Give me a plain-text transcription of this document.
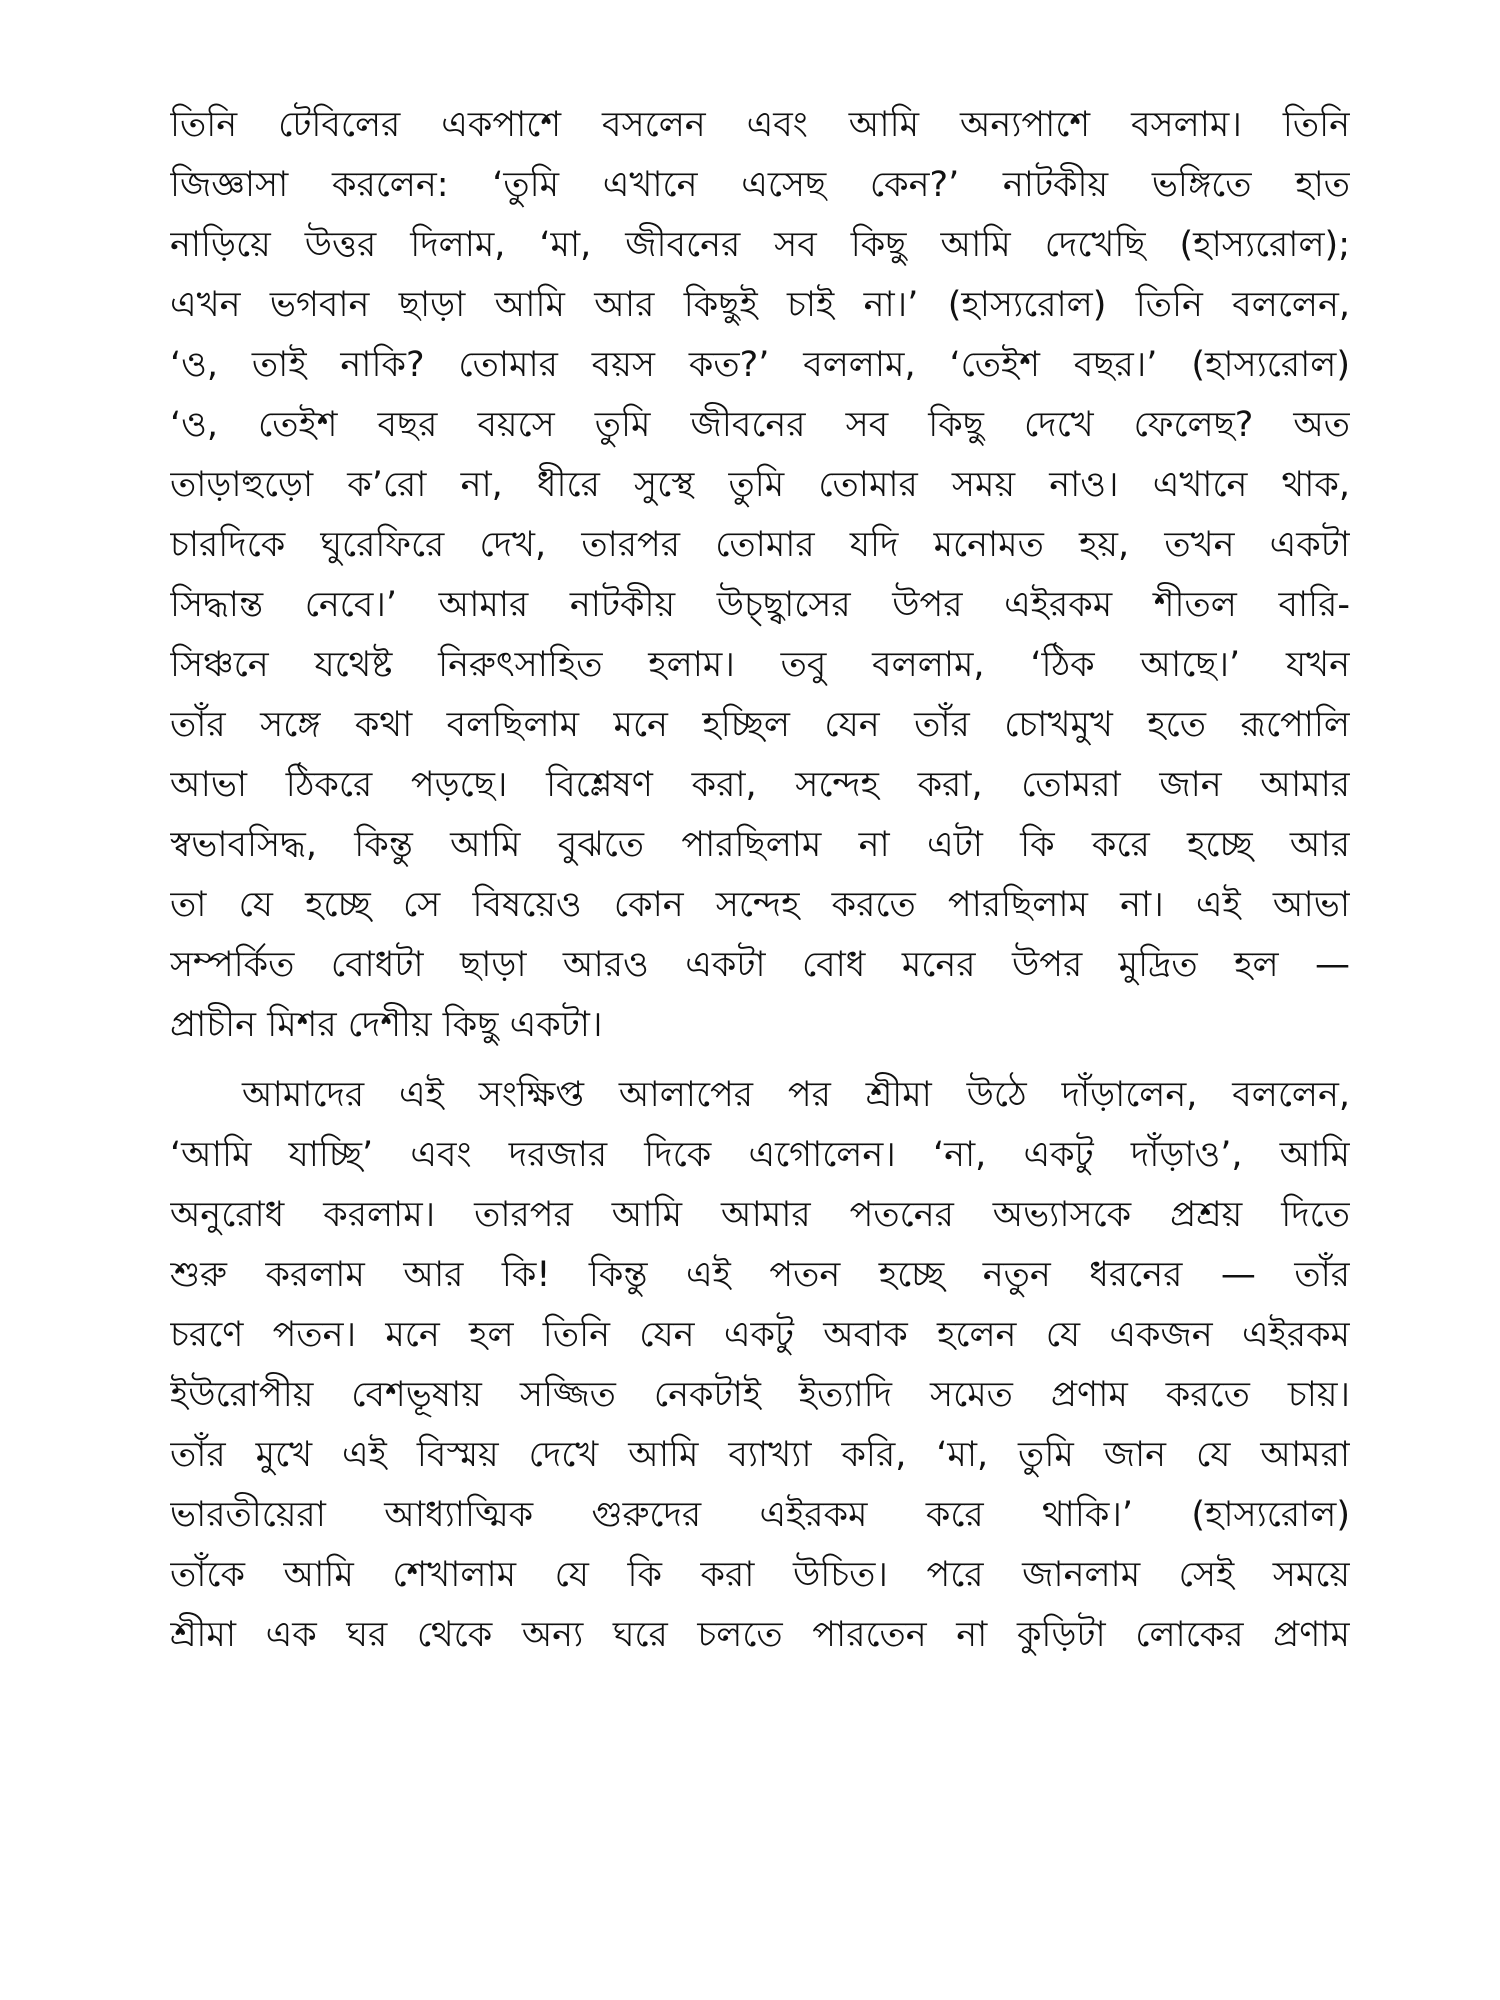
তিনি টেবিলের একপাশে বসলেন এবং আমি অন্যপাশে বসলাম। তিনি
জিজ্ঞাসা করলেন: ‘তুমি এখানে এসেছ কেন?’ নাটকীয় ভঙ্গিতে হাত
নাড়িয়ে উত্তর দিলাম, ‘মা, জীবনের সব কিছু আমি দেখেছি (হাস্যরোল);
এখন ভগবান ছাড়া আমি আর কিছুই চাই না।’ (হাস্যরোল) তিনি বললেন,
‘ও, তাই নাকি? তোমার বয়স কত?’ বললাম, ‘তেইশ বছর।’ (হাস্যরোল)
‘ও, তেইশ বছর বয়সে তুমি জীবনের সব কিছু দেখে ফেলেছ? অত
তাড়াহুড়ো ক’রো না, ধীরে সুস্থে তুমি তোমার সময় নাও। এখানে থাক,
চারদিকে ঘুরেফিরে দেখ, তারপর তোমার যদি মনোমত হয়, তখন একটা
সিদ্ধান্ত নেবে।’ আমার নাটকীয় উচ্ছ্বাসের উপর এইরকম শীতল বারি-
সিঞ্চনে যথেষ্ট নিরুৎসাহিত হলাম। তবু বললাম, ‘ঠিক আছে।’ যখন
তাঁর সঙ্গে কথা বলছিলাম মনে হচ্ছিল যেন তাঁর চোখমুখ হতে রূপোলি
আভা ঠিকরে পড়ছে। বিশ্লেষণ করা, সন্দেহ করা, তোমরা জান আমার
স্বভাবসিদ্ধ, কিন্তু আমি বুঝতে পারছিলাম না এটা কি করে হচ্ছে আর
তা যে হচ্ছে সে বিষয়েও কোন সন্দেহ করতে পারছিলাম না। এই আভা
সম্পর্কিত বোধটা ছাড়া আরও একটা বোধ মনের উপর মুদ্রিত হল —
প্রাচীন মিশর দেশীয় কিছু একটা।
আমাদের এই সংক্ষিপ্ত আলাপের পর শ্রীমা উঠে দাঁড়ালেন, বললেন,
‘আমি যাচ্ছি’ এবং দরজার দিকে এগোলেন। ‘না, একটু দাঁড়াও’, আমি
অনুরোধ করলাম। তারপর আমি আমার পতনের অভ্যাসকে প্রশ্রয় দিতে
শুরু করলাম আর কি! কিন্তু এই পতন হচ্ছে নতুন ধরনের — তাঁর
চরণে পতন। মনে হল তিনি যেন একটু অবাক হলেন যে একজন এইরকম
ইউরোপীয় বেশভূষায় সজ্জিত নেকটাই ইত্যাদি সমেত প্রণাম করতে চায়।
তাঁর মুখে এই বিস্ময় দেখে আমি ব্যাখ্যা করি, ‘মা, তুমি জান যে আমরা
ভারতীয়েরা আধ্যাত্মিক গুরুদের এইরকম করে থাকি।’ (হাস্যরোল)
তাঁকে আমি শেখালাম যে কি করা উচিত। পরে জানলাম সেই সময়ে
শ্রীমা এক ঘর থেকে অন্য ঘরে চলতে পারতেন না কুড়িটা লোকের প্রণাম
